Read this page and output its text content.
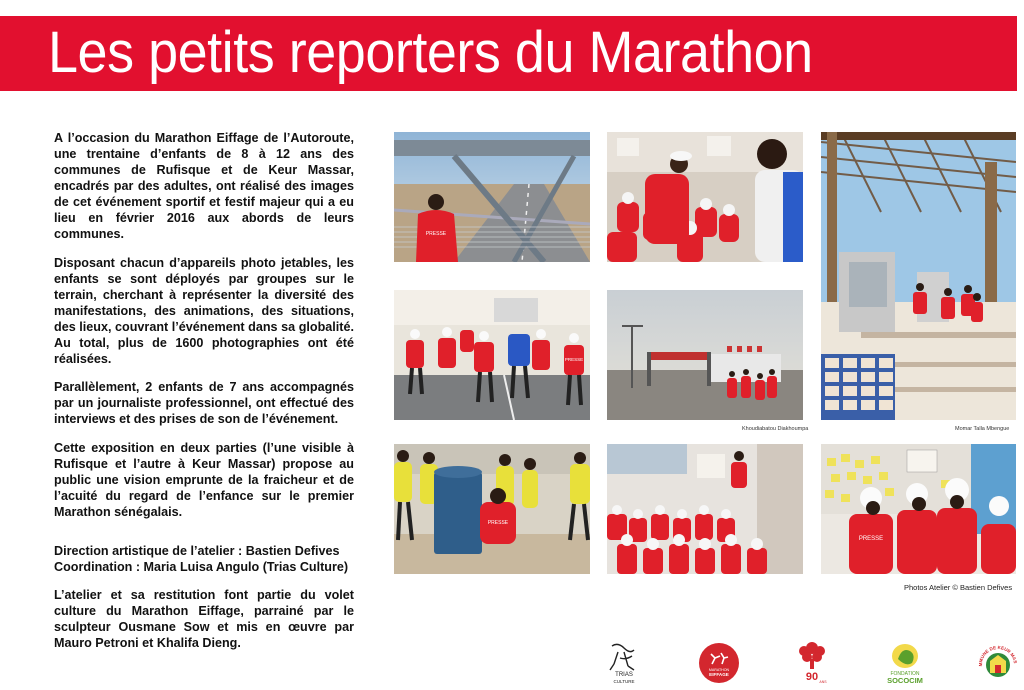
Les petits reporters du Marathon

A l’occasion du Marathon Eiffage de l’Autoroute, une trentaine d’enfants de 8 à 12 ans des communes de Rufisque et de Keur Massar, encadrés par des adultes, ont réalisé des images de cet événement sportif et festif majeur qui a eu lieu en février 2016 aux abords de leurs communes.

Disposant chacun d’appareils photo jetables, les enfants se sont déployés par groupes sur le terrain, cherchant à représenter la diversité des manifestations, des animations, des situations, des lieux, couvrant l’événement dans sa globalité. Au total, plus de 1600 photographies ont été réalisées.

Parallèlement, 2 enfants de 7 ans accompagnés par un journaliste professionnel, ont effectué des interviews et des prises de son de l’événement.

Cette exposition en deux parties (l’une visible à Rufisque et l’autre à Keur Massar) propose au public une vision emprunte de la fraicheur et de l’acuité du regard de l’enfance sur le premier Marathon sénégalais.

Direction artistique de l’atelier : Bastien Defives
Coordination : Maria Luisa Angulo (Trias Culture)

L’atelier et sa restitution font partie du volet culture du Marathon Eiffage, parrainé par le sculpteur Ousmane Sow et mis en œuvre par Mauro Petroni et Khalifa Dieng.

PRESSE
PRESSE
Khoudiabatou Diakhoumpa	Momar Talla Mbengue
PRESSE
PRESSE
Photos Atelier © Bastien Defives
TRIAS
CULTURE
MARATHON
EIFFAGE	90 ANS
FONDATION
SOCOCIM
MMUNE DE KEUR MAS
